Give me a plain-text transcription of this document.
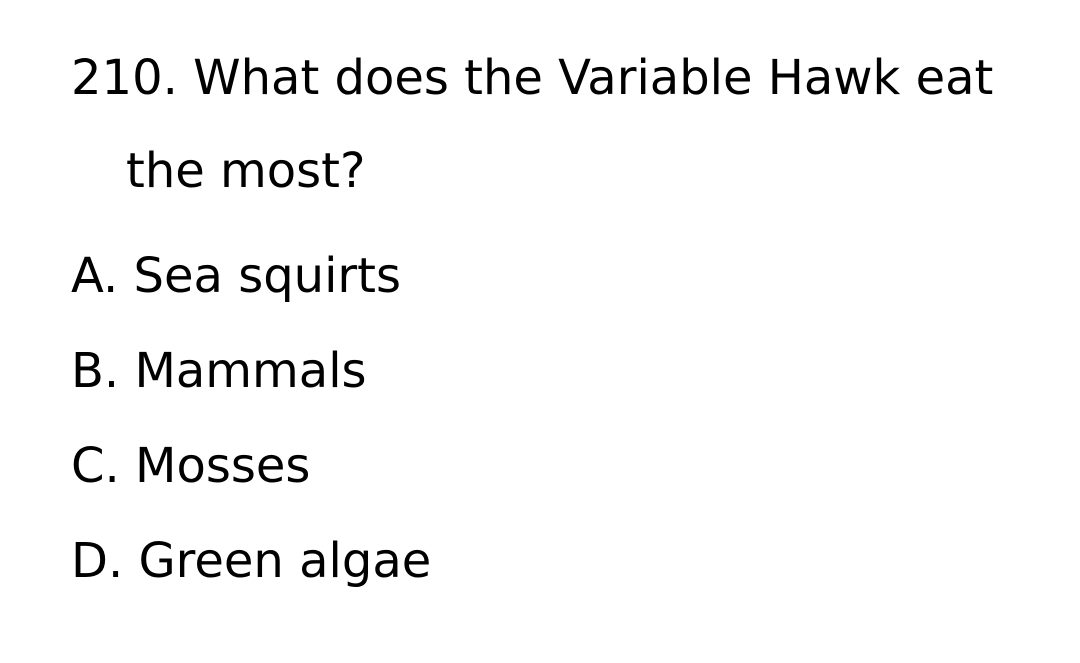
210. What does the Variable Hawk eat the most?
A. Sea squirts
B. Mammals
C. Mosses
D. Green algae
